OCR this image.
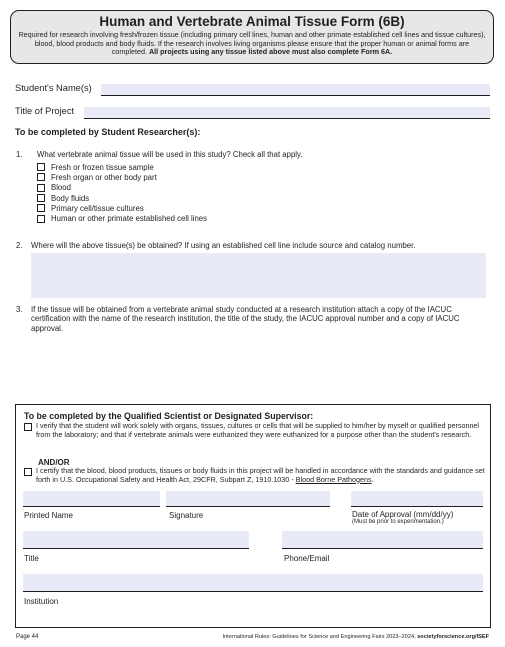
Human and Vertebrate Animal Tissue Form (6B)
Required for research involving fresh/frozen tissue (including primary cell lines, human and other primate established cell lines and tissue cultures), blood, blood products and body fluids. If the research involves living organisms please ensure that the proper human or animal forms are completed. All projects using any tissue listed above must also complete Form 6A.
Student's Name(s)
Title of Project
To be completed by Student Researcher(s):
1. What vertebrate animal tissue will be used in this study? Check all that apply.
Fresh or frozen tissue sample
Fresh organ or other body part
Blood
Body fluids
Primary cell/tissue cultures
Human or other primate established cell lines
2. Where will the above tissue(s) be obtained? If using an established cell line include source and catalog number.
3. If the tissue will be obtained from a vertebrate animal study conducted at a research institution attach a copy of the IACUC certification with the name of the research institution, the title of the study, the IACUC approval number and a copy of IACUC approval.
To be completed by the Qualified Scientist or Designated Supervisor:
I verify that the student will work solely with organs, tissues, cultures or cells that will be supplied to him/her by myself or qualified personnel from the laboratory; and that if vertebrate animals were euthanized they were euthanized for a purpose other than the student's research.
AND/OR
I certify that the blood, blood products, tissues or body fluids in this project will be handled in accordance with the standards and guidance set forth in U.S. Occupational Safety and Health Act, 29CFR, Subpart Z, 1910.1030 - Blood Borne Pathogens.
Printed Name	Signature	Date of Approval (mm/dd/yy)
(Must be prior to experimentation.)
Title	Phone/Email
Institution
Page 44	International Rules: Guidelines for Science and Engineering Fairs 2023–2024, societyforscience.org/ISEF
